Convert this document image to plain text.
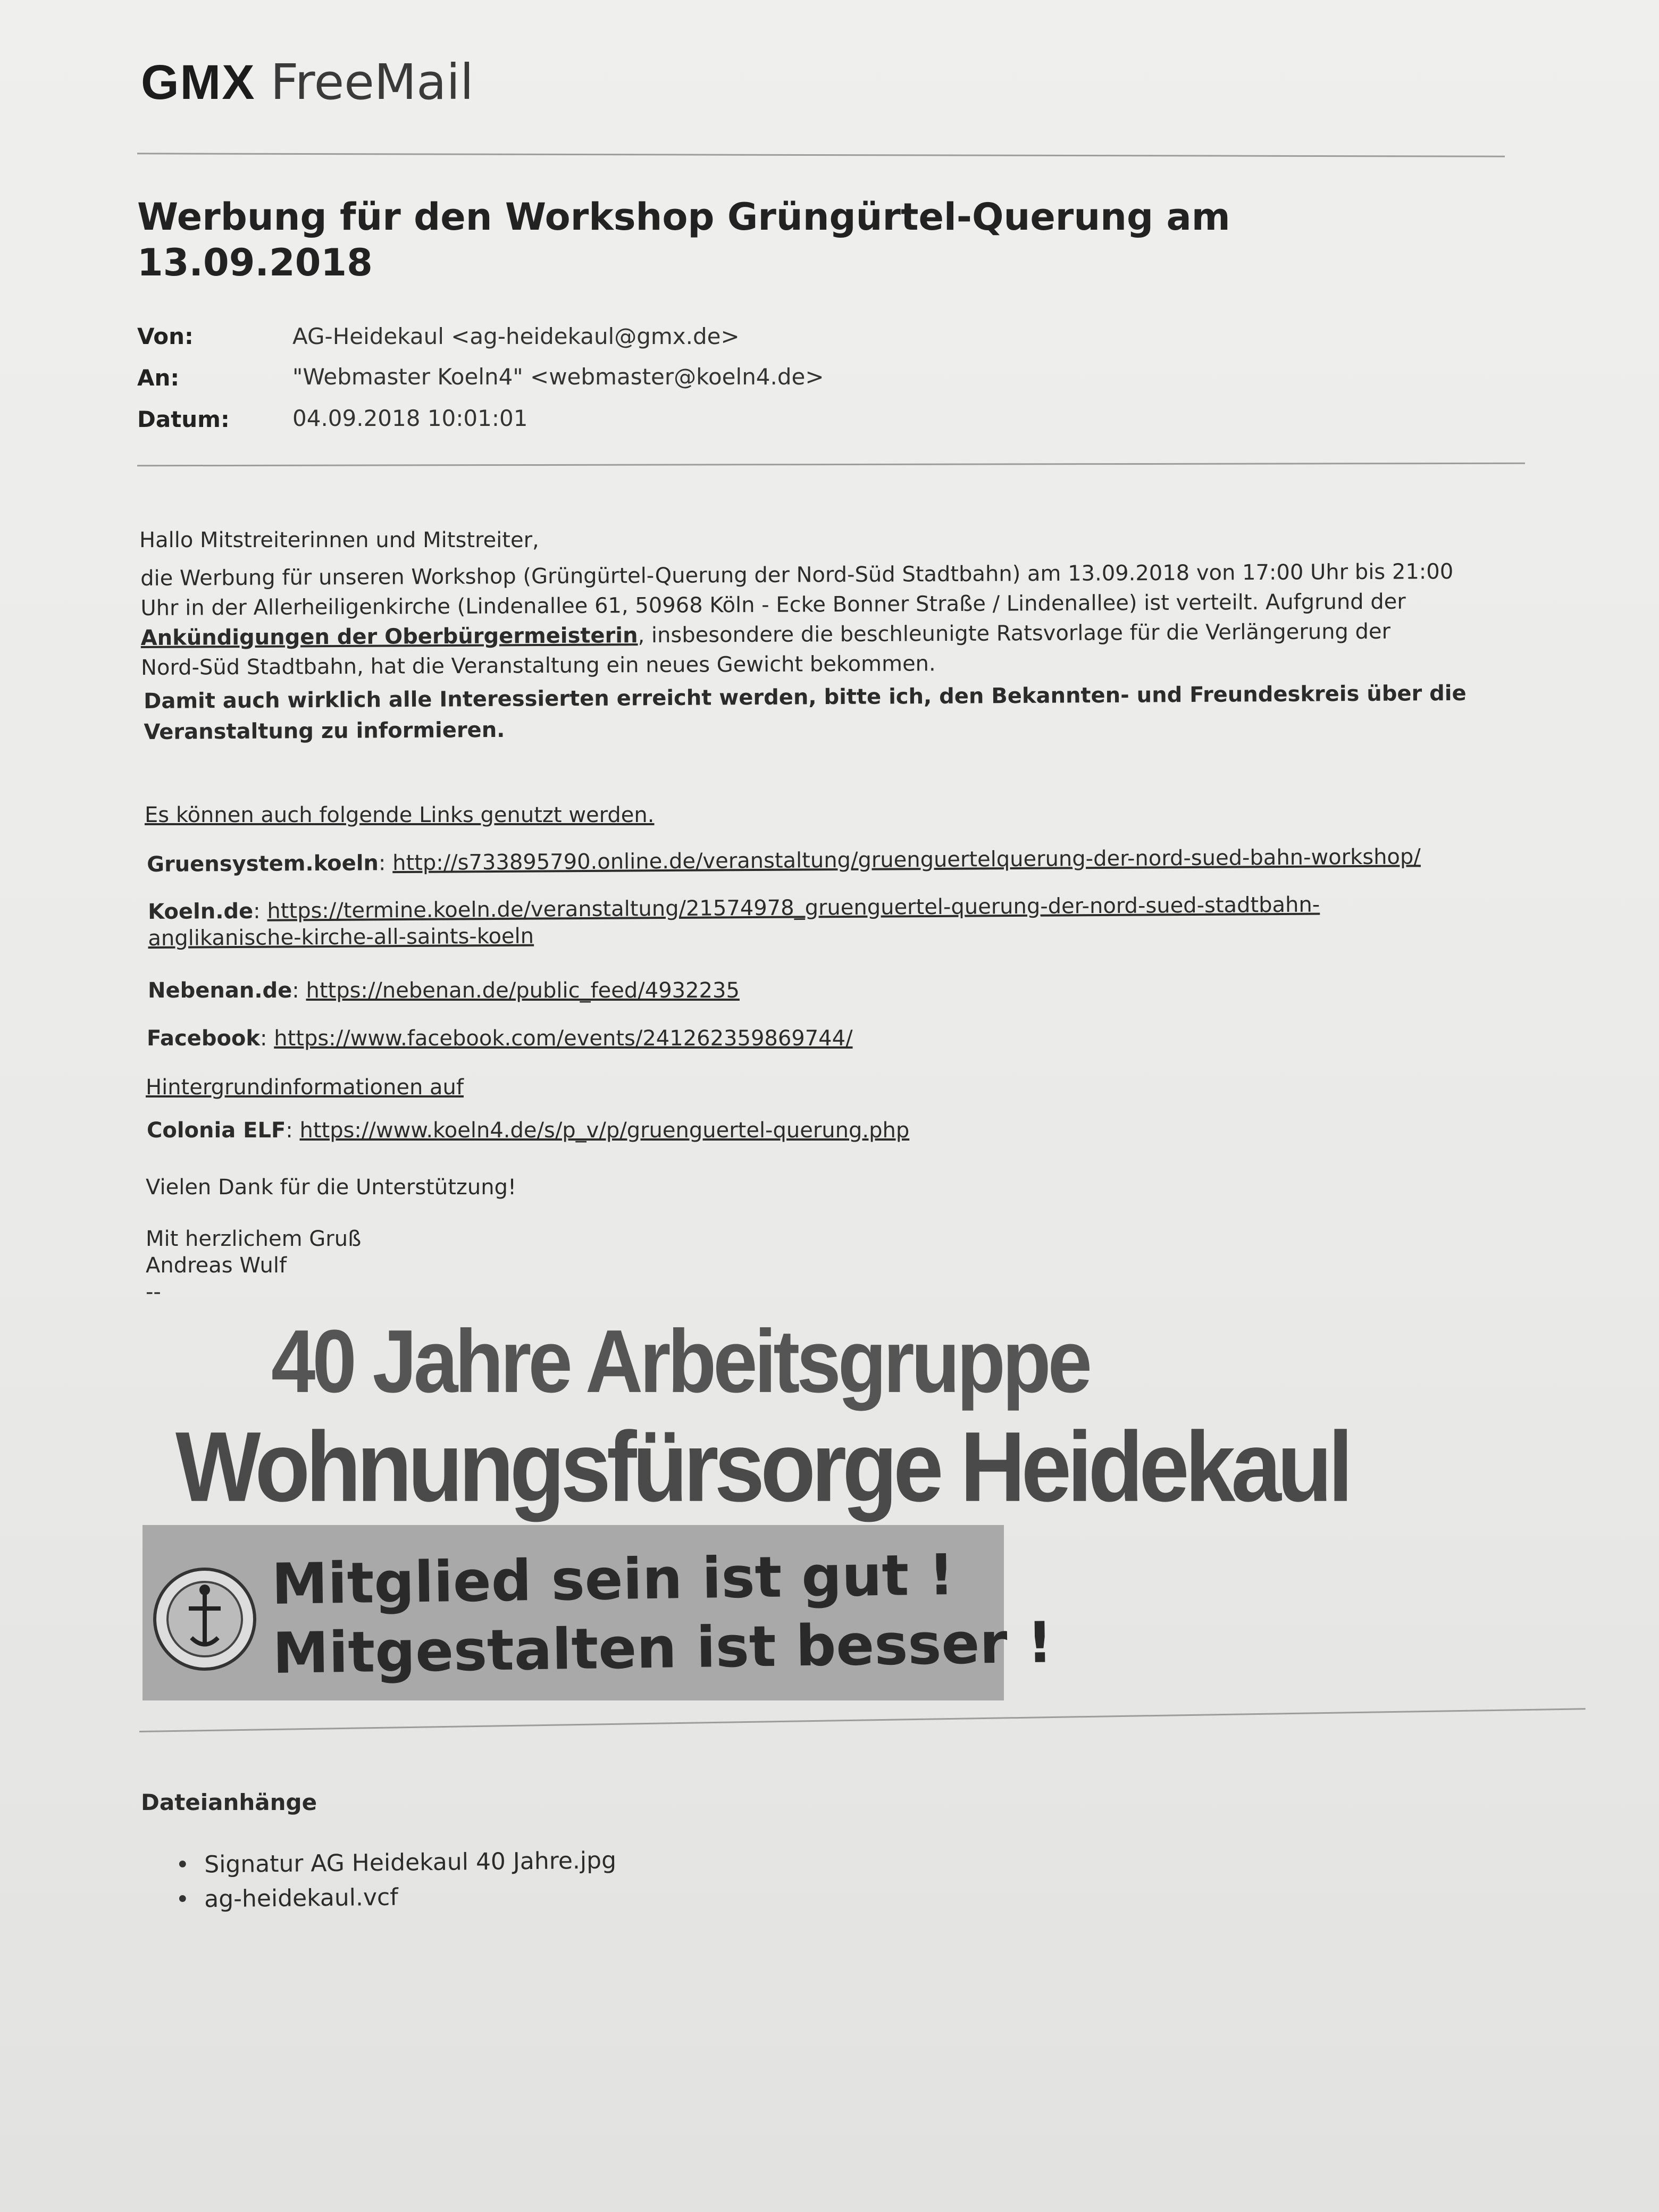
GMX FreeMail
Werbung für den Workshop Grüngürtel-Querung am
13.09.2018
Von:	AG-Heidekaul <ag-heidekaul@gmx.de>
An:	"Webmaster Koeln4" <webmaster@koeln4.de>
Datum:	04.09.2018 10:01:01
Hallo Mitstreiterinnen und Mitstreiter,
die Werbung für unseren Workshop (Grüngürtel-Querung der Nord-Süd Stadtbahn) am 13.09.2018 von 17:00 Uhr bis 21:00
Uhr in der Allerheiligenkirche (Lindenallee 61, 50968 Köln - Ecke Bonner Straße / Lindenallee) ist verteilt. Aufgrund der
Ankündigungen der Oberbürgermeisterin, insbesondere die beschleunigte Ratsvorlage für die Verlängerung der
Nord-Süd Stadtbahn, hat die Veranstaltung ein neues Gewicht bekommen.
Damit auch wirklich alle Interessierten erreicht werden, bitte ich, den Bekannten- und Freundeskreis über die
Veranstaltung zu informieren.
Es können auch folgende Links genutzt werden.
Gruensystem.koeln: http://s733895790.online.de/veranstaltung/gruenguertelquerung-der-nord-sued-bahn-workshop/
Koeln.de: https://termine.koeln.de/veranstaltung/21574978_gruenguertel-querung-der-nord-sued-stadtbahn-
anglikanische-kirche-all-saints-koeln
Nebenan.de: https://nebenan.de/public_feed/4932235
Facebook: https://www.facebook.com/events/241262359869744/
Hintergrundinformationen auf
Colonia ELF: https://www.koeln4.de/s/p_v/p/gruenguertel-querung.php
Vielen Dank für die Unterstützung!
Mit herzlichem Gruß
Andreas Wulf
--
40 Jahre Arbeitsgruppe
Wohnungsfürsorge Heidekaul
Mitglied sein ist gut !
Mitgestalten ist besser !
Dateianhänge
• Signatur AG Heidekaul 40 Jahre.jpg
• ag-heidekaul.vcf
